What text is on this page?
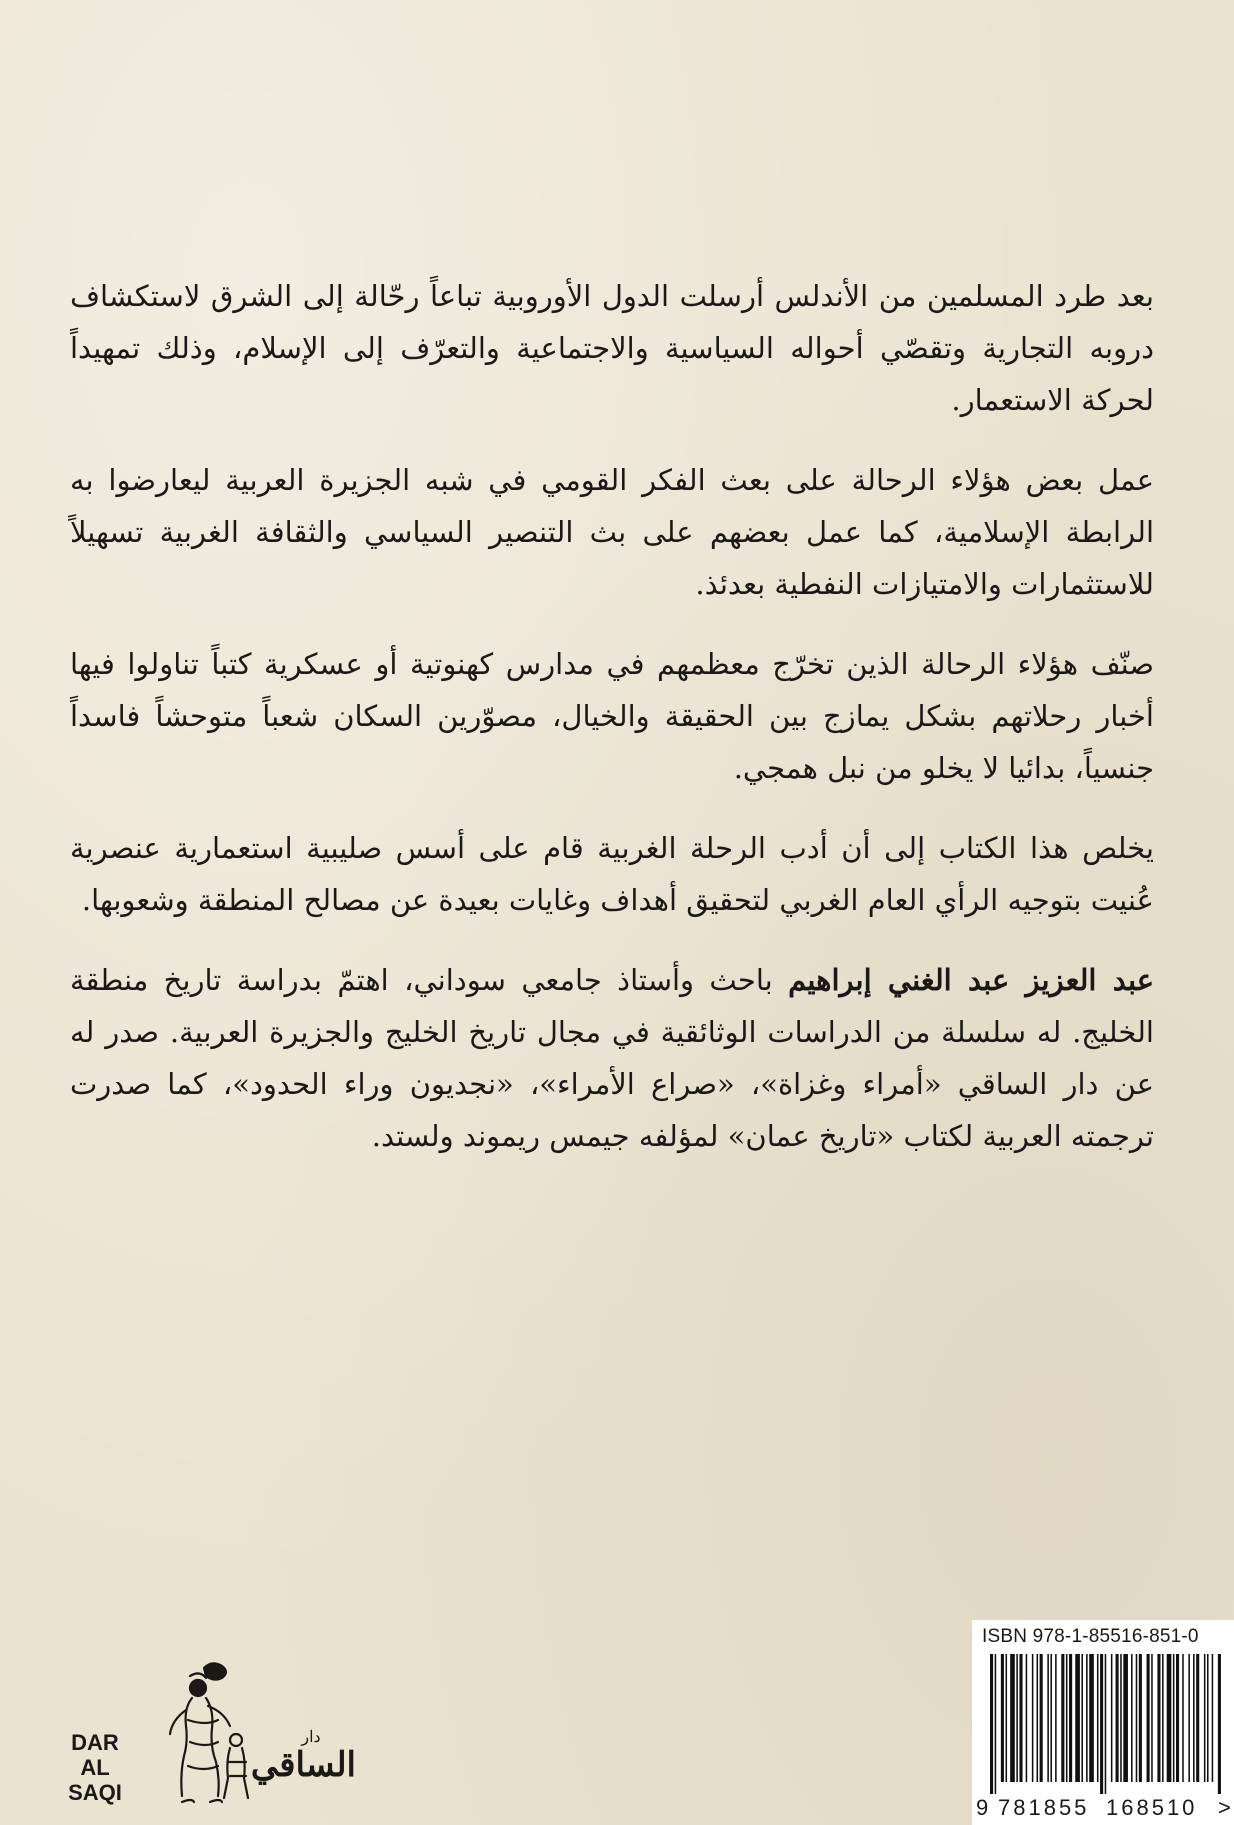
بعد طرد المسلمين من الأندلس أرسلت الدول الأوروبية تباعاً رحّالة إلى الشرق لاستكشاف دروبه التجارية وتقصّي أحواله السياسية والاجتماعية والتعرّف إلى الإسلام، وذلك تمهيداً لحركة الاستعمار.

عمل بعض هؤلاء الرحالة على بعث الفكر القومي في شبه الجزيرة العربية ليعارضوا به الرابطة الإسلامية، كما عمل بعضهم على بث التنصير السياسي والثقافة الغربية تسهيلاً للاستثمارات والامتيازات النفطية بعدئذ.

صنّف هؤلاء الرحالة الذين تخرّج معظمهم في مدارس كهنوتية أو عسكرية كتباً تناولوا فيها أخبار رحلاتهم بشكل يمازج بين الحقيقة والخيال، مصوّرين السكان شعباً متوحشاً فاسداً جنسياً، بدائيا لا يخلو من نبل همجي.

يخلص هذا الكتاب إلى أن أدب الرحلة الغربية قام على أسس صليبية استعمارية عنصرية عُنيت بتوجيه الرأي العام الغربي لتحقيق أهداف وغايات بعيدة عن مصالح المنطقة وشعوبها.

عبد العزيز عبد الغني إبراهيم باحث وأستاذ جامعي سوداني، اهتمّ بدراسة تاريخ منطقة الخليج. له سلسلة من الدراسات الوثائقية في مجال تاريخ الخليج والجزيرة العربية. صدر له عن دار الساقي «أمراء وغزاة»، «صراع الأمراء»، «نجديون وراء الحدود»، كما صدرت ترجمته العربية لكتاب «تاريخ عمان» لمؤلفه جيمس ريموند ولستد.

DAR
AL SAQI
دار
الساقي
ISBN 978-1-85516-851-0
9 781855 168510 >
